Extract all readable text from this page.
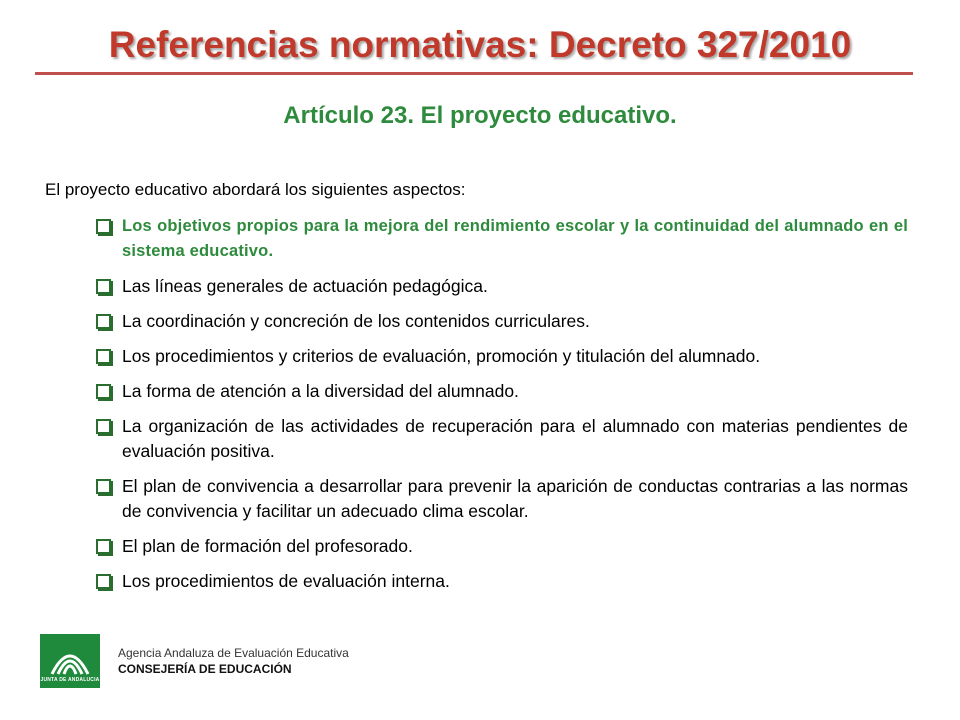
Referencias normativas: Decreto 327/2010
Artículo 23. El proyecto educativo.
El proyecto educativo abordará los siguientes aspectos:
Los objetivos propios para la mejora del rendimiento escolar y la continuidad del alumnado en el sistema educativo.
Las líneas generales de actuación pedagógica.
La coordinación y concreción de los contenidos curriculares.
Los procedimientos y criterios de evaluación, promoción y titulación del alumnado.
La forma de atención a la diversidad del alumnado.
La organización de las actividades de recuperación para el alumnado con materias pendientes de evaluación positiva.
El plan de convivencia a desarrollar para prevenir la aparición de conductas contrarias a las normas de convivencia y facilitar un adecuado clima escolar.
El plan de formación del profesorado.
Los procedimientos de evaluación interna.
JUNTA DE ANDALUCIA
Agencia Andaluza de Evaluación Educativa
CONSEJERÍA DE EDUCACIÓN
